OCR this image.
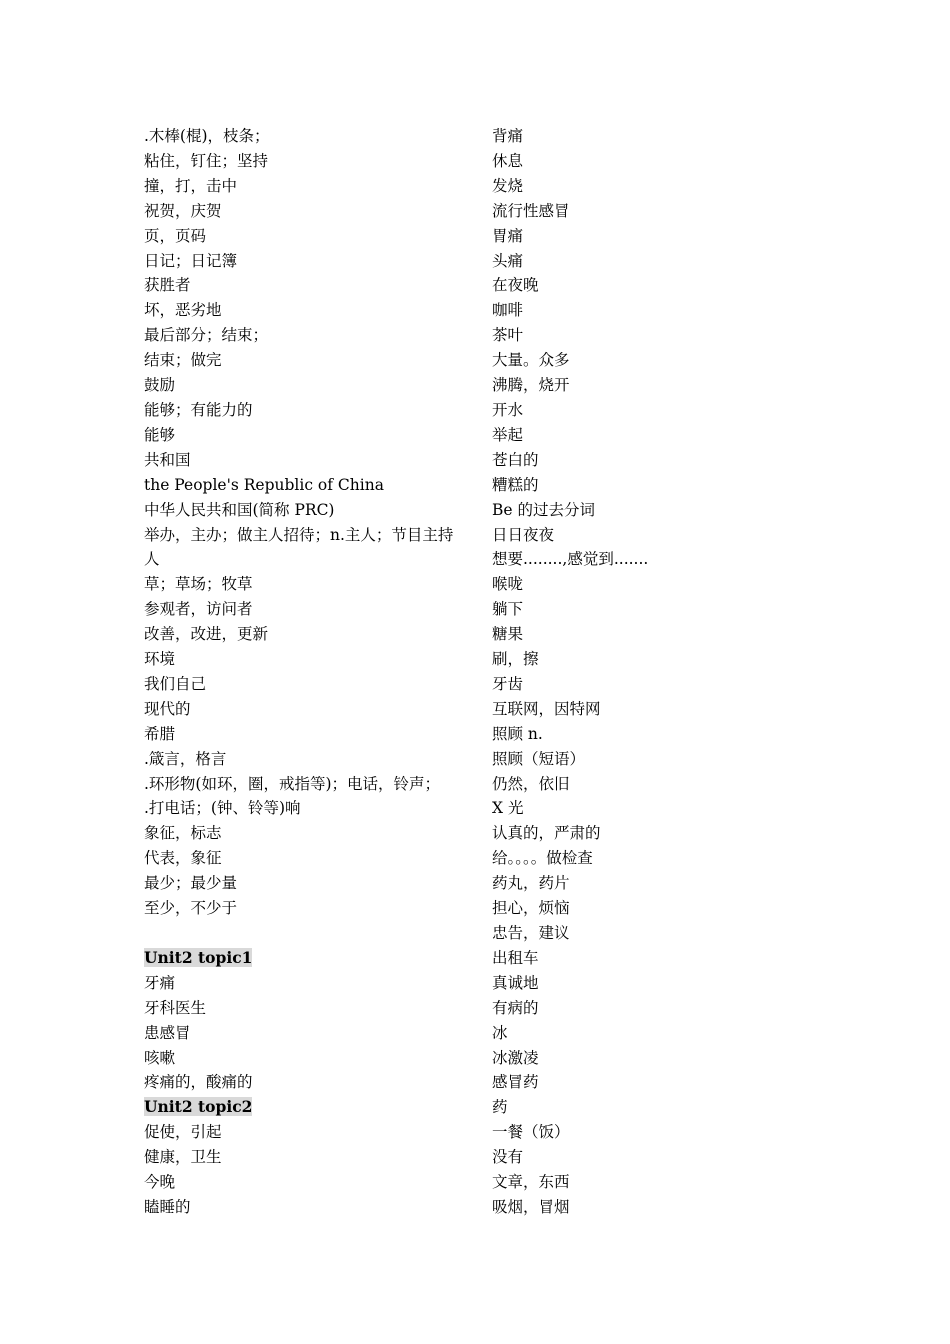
.木棒(棍)，枝条；
粘住，钉住；坚持
撞，打，击中
祝贺，庆贺
页，页码
日记；日记簿
获胜者
坏，恶劣地
最后部分；结束；
结束；做完
鼓励
能够；有能力的
能够
共和国
the People's Republic of China
中华人民共和国(简称 PRC)
举办，主办；做主人招待；n.主人；节目主持人
草；草场；牧草
参观者，访问者
改善，改进，更新
环境
我们自己
现代的
希腊
.箴言，格言
.环形物(如环，圈，戒指等)；电话，铃声；
.打电话；(钟、铃等)响
象征，标志
代表，象征
最少；最少量
至少，不少于
Unit2 topic1
牙痛
牙科医生
患感冒
咳嗽
疼痛的，酸痛的
Unit2 topic2
促使，引起
健康，卫生
今晚
瞌睡的
背痛
休息
发烧
流行性感冒
胃痛
头痛
在夜晚
咖啡
茶叶
大量。众多
沸腾，烧开
开水
举起
苍白的
糟糕的
Be 的过去分词
日日夜夜
想要........,感觉到.......
喉咙
躺下
糖果
刷，擦
牙齿
互联网，因特网
照顾 n.
照顾（短语）
仍然，依旧
X 光
认真的，严肃的
给。。。。做检查
药丸，药片
担心，烦恼
忠告，建议
出租车
真诚地
有病的
冰
冰激凌
感冒药
药
一餐（饭）
没有
文章，东西
吸烟，冒烟
